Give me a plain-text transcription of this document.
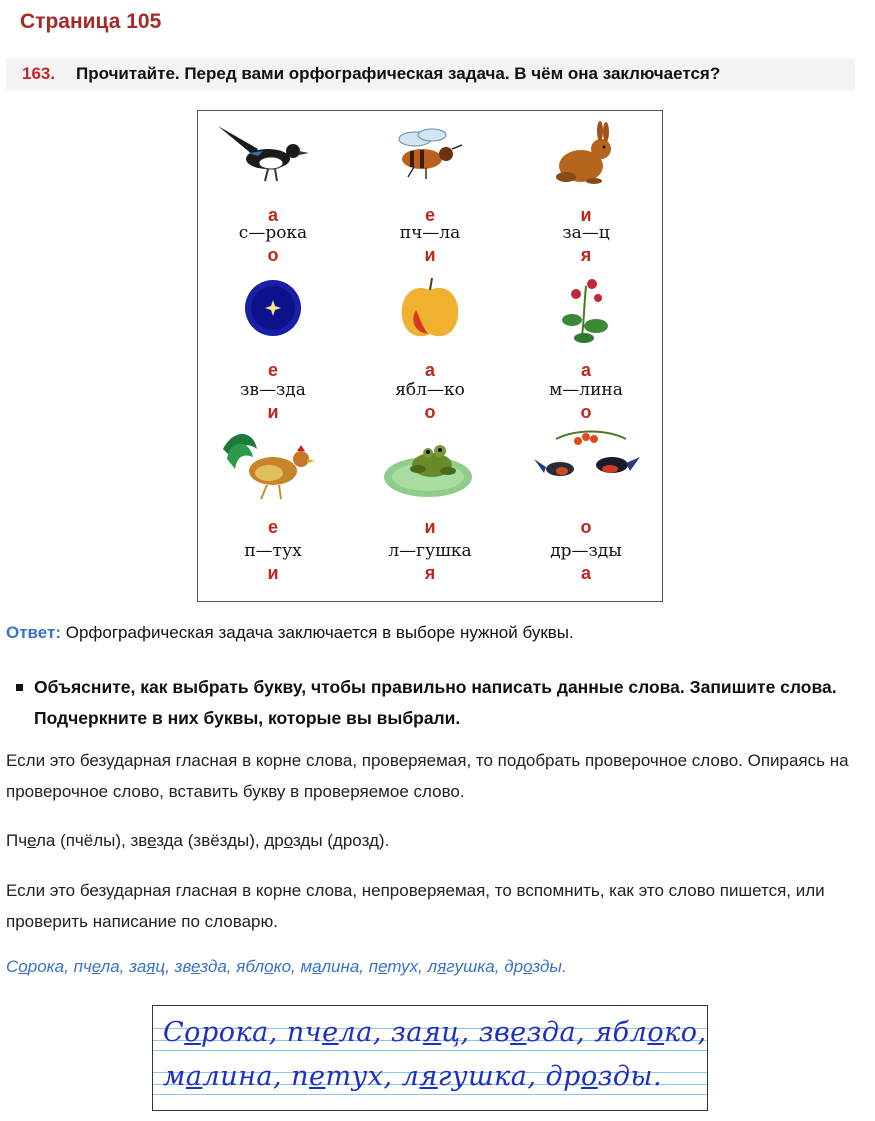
Страница 105
163. Прочитайте. Перед вами орфографическая задача. В чём она заключается?
а
с—рока
о
е
пч—ла
и
и
за—ц
я
е
зв—зда
и
а
ябл—ко
о
а
м—лина
о
е
п—тух
и
и
л—гушка
я
о
др—зды
а
Ответ: Орфографическая задача заключается в выборе нужной буквы.
Объясните, как выбрать букву, чтобы правильно написать данные слова. Запишите слова. Подчеркните в них буквы, которые вы выбрали.
Если это безударная гласная в корне слова, проверяемая, то подобрать проверочное слово. Опираясь на проверочное слово, вставить букву в проверяемое слово.
Пчела (пчёлы), звезда (звёзды), дрозды (дрозд).
Если это безударная гласная в корне слова, непроверяемая, то вспомнить, как это слово пишется, или проверить написание по словарю.
Сорока, пчела, заяц, звезда, яблоко, малина, петух, лягушка, дрозды.
Сорока, пчела, заяц, звезда, яблоко,
малина, петух, лягушка, дрозды.
